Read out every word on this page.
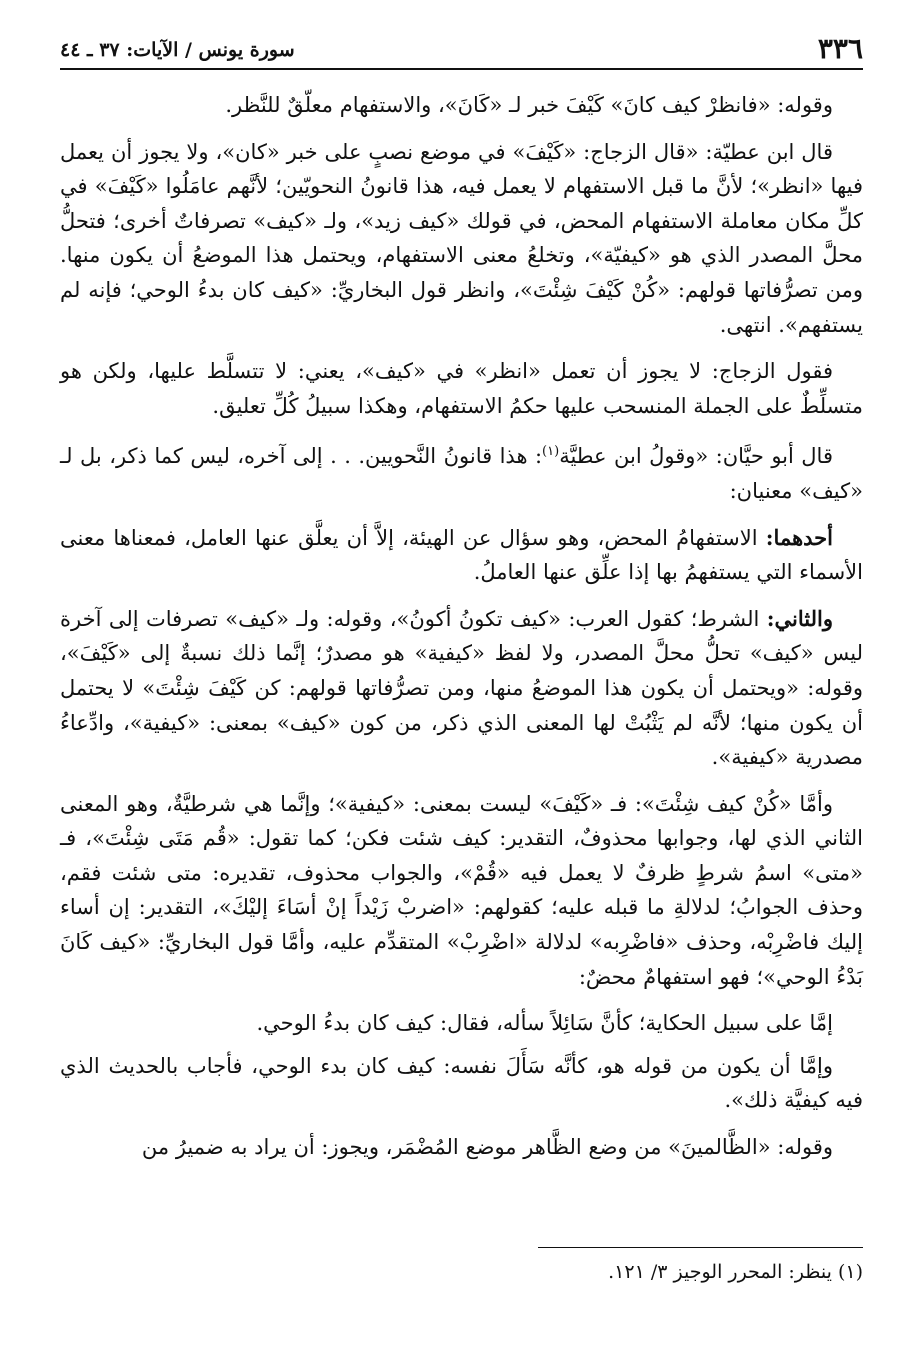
٣٣٦
سورة يونس / الآيات: ٣٧ ـ ٤٤

وقوله: «فانظرْ كيف كانَ» كَيْفَ خبر لـ «كَانَ»، والاستفهام معلّقٌ للنَّظر.

قال ابن عطيّة: «قال الزجاج: «كَيْفَ» في موضع نصبٍ على خبر «كان»، ولا يجوز أن يعمل فيها «انظر»؛ لأنَّ ما قبل الاستفهام لا يعمل فيه، هذا قانونُ النحويّين؛ لأنَّهم عامَلُوا «كَيْفَ» في كلِّ مكان معاملة الاستفهام المحض، في قولك «كيف زيد»، ولـ «كيف» تصرفاتٌ أخرى؛ فتحلُّ محلَّ المصدر الذي هو «كيفيّة»، وتخلعُ معنى الاستفهام، ويحتمل هذا الموضعُ أن يكون منها. ومن تصرُّفاتها قولهم: «كُنْ كَيْفَ شِئْتَ»، وانظر قول البخاريِّ: «كيف كان بدءُ الوحي؛ فإنه لم يستفهم». انتهى.

فقول الزجاج: لا يجوز أن تعمل «انظر» في «كيف»، يعني: لا تتسلَّط عليها، ولكن هو متسلِّطٌ على الجملة المنسحب عليها حكمُ الاستفهام، وهكذا سبيلُ كُلِّ تعليق.

قال أبو حيَّان: «وقولُ ابن عطيَّة$^{(١)}$: هذا قانونُ النَّحويين. . . إلى آخره، ليس كما ذكر، بل لـ «كيف» معنيان:

أحدهما: الاستفهامُ المحض، وهو سؤال عن الهيئة، إلاَّ أن يعلَّق عنها العامل، فمعناها معنى الأسماء التي يستفهمُ بها إذا علِّق عنها العاملُ.

والثاني: الشرط؛ كقول العرب: «كيف تكونُ أكونُ»، وقوله: ولـ «كيف» تصرفات إلى آخرة ليس «كيف» تحلُّ محلَّ المصدر، ولا لفظ «كيفية» هو مصدرٌ؛ إنَّما ذلك نسبةٌ إلى «كَيْفَ»، وقوله: «ويحتمل أن يكون هذا الموضعُ منها، ومن تصرُّفاتها قولهم: كن كَيْفَ شِئْتَ» لا يحتمل أن يكون منها؛ لأنَّه لم يَثْبُتْ لها المعنى الذي ذكر، من كون «كيف» بمعنى: «كيفية»، وادِّعاءُ مصدرية «كيفية».

وأمَّا «كُنْ كيف شِئْتَ»: فـ «كَيْفَ» ليست بمعنى: «كيفية»؛ وإنَّما هي شرطيَّةٌ، وهو المعنى الثاني الذي لها، وجوابها محذوفٌ، التقدير: كيف شئت فكن؛ كما تقول: «قُم مَتَى شِئْتَ»، فـ «متى» اسمُ شرطٍ ظرفٌ لا يعمل فيه «قُمْ»، والجواب محذوف، تقديره: متى شئت فقم، وحذف الجوابُ؛ لدلالةِ ما قبله عليه؛ كقولهم: «اضربْ زَيْداً إنْ أسَاءَ إليْكَ»، التقدير: إن أساء إليك فاضْرِبْه، وحذف «فاضْرِبه» لدلالة «اضْرِبْ» المتقدِّم عليه، وأمَّا قول البخاريِّ: «كيف كَانَ بَدْءُ الوحي»؛ فهو استفهامٌ محضٌ:

إمَّا على سبيل الحكاية؛ كأنَّ سَائِلاً سأله، فقال: كيف كان بدءُ الوحي.

وإمَّا أن يكون من قوله هو، كأنَّه سَأَلَ نفسه: كيف كان بدء الوحي، فأجاب بالحديث الذي فيه كيفيَّة ذلك».

وقوله: «الظَّالمينَ» من وضع الظَّاهر موضع المُضْمَر، ويجوز: أن يراد به ضميرُ من

(١) ينظر: المحرر الوجيز ٣/ ١٢١.
